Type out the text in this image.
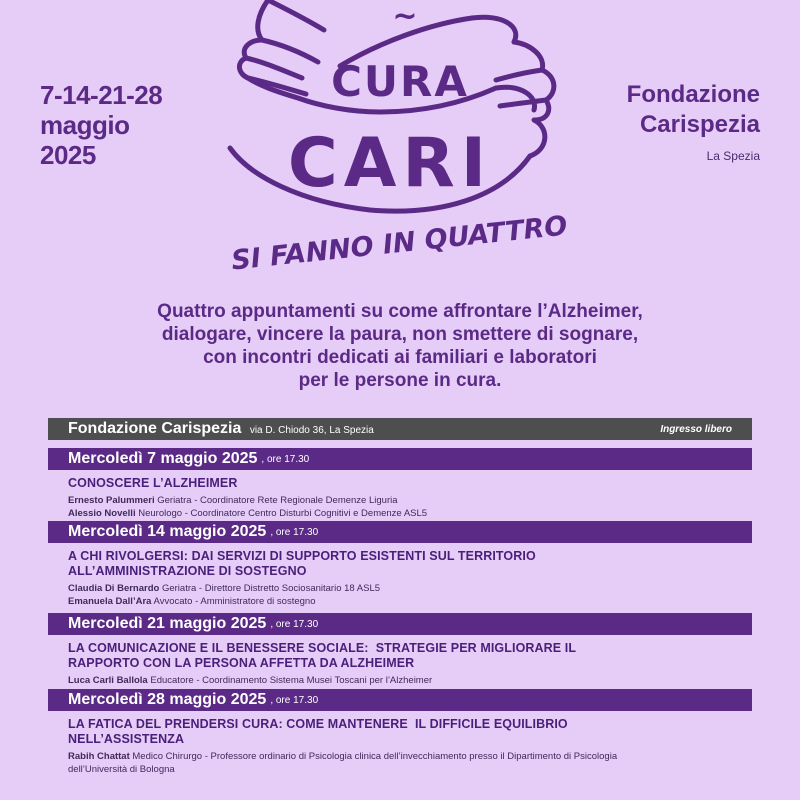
7-14-21-28
maggio
2025
Fondazione
Carispezia
La Spezia
~
CURA
CARI
SI FANNO IN QUATTRO
Quattro appuntamenti su come affrontare l’Alzheimer,
dialogare, vincere la paura, non smettere di sognare,
con incontri dedicati ai familiari e laboratori
per le persone in cura.
Fondazione Carispezia via D. Chiodo 36, La Spezia	Ingresso libero
Mercoledì 7 maggio 2025 , ore 17.30
CONOSCERE L’ALZHEIMER
Ernesto Palummeri Geriatra - Coordinatore Rete Regionale Demenze Liguria
Alessio Novelli Neurologo - Coordinatore Centro Disturbi Cognitivi e Demenze ASL5
Mercoledì 14 maggio 2025 , ore 17.30
A CHI RIVOLGERSI: DAI SERVIZI DI SUPPORTO ESISTENTI SUL TERRITORIO
ALL’AMMINISTRAZIONE DI SOSTEGNO
Claudia Di Bernardo Geriatra - Direttore Distretto Sociosanitario 18 ASL5
Emanuela Dall’Ara Avvocato - Amministratore di sostegno
Mercoledì 21 maggio 2025 , ore 17.30
LA COMUNICAZIONE E IL BENESSERE SOCIALE:  STRATEGIE PER MIGLIORARE IL
RAPPORTO CON LA PERSONA AFFETTA DA ALZHEIMER
Luca Carli Ballola Educatore - Coordinamento Sistema Musei Toscani per l’Alzheimer
Mercoledì 28 maggio 2025 , ore 17.30
LA FATICA DEL PRENDERSI CURA: COME MANTENERE  IL DIFFICILE EQUILIBRIO
NELL’ASSISTENZA
Rabih Chattat Medico Chirurgo - Professore ordinario di Psicologia clinica dell’invecchiamento presso il Dipartimento di Psicologia
dell’Università di Bologna
